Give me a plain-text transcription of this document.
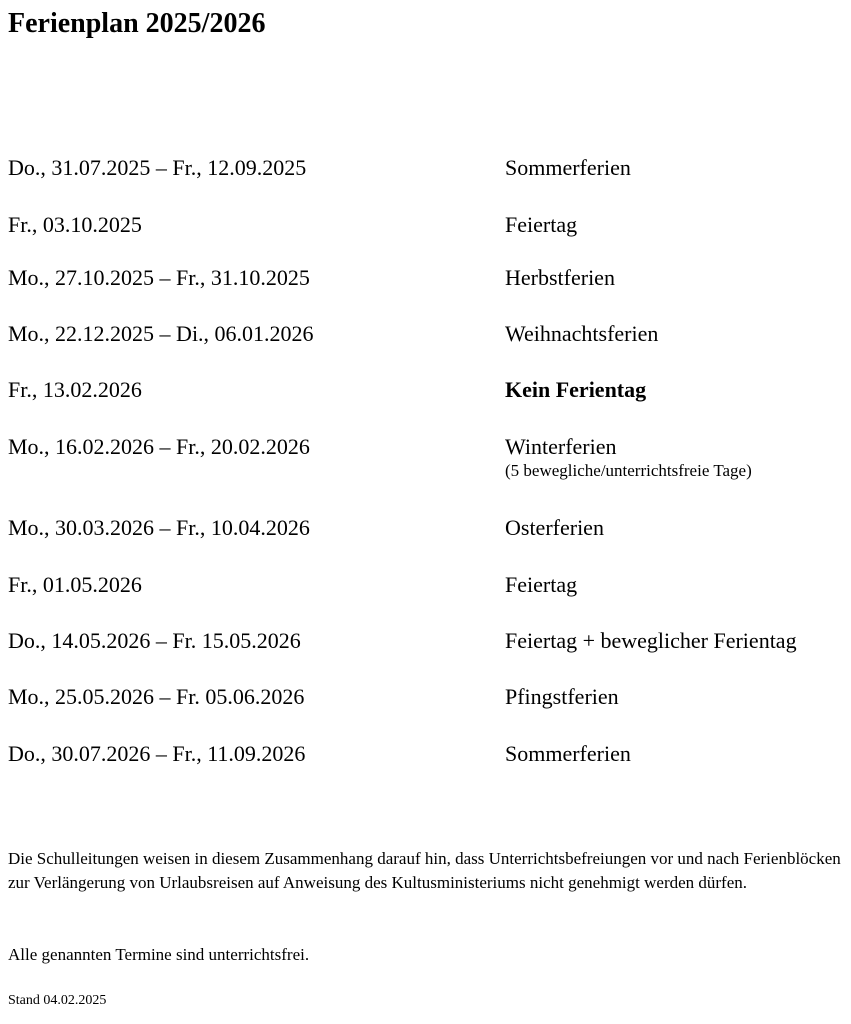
Ferienplan 2025/2026
Do., 31.07.2025 – Fr., 12.09.2025	Sommerferien
Fr., 03.10.2025	Feiertag
Mo., 27.10.2025 – Fr., 31.10.2025	Herbstferien
Mo., 22.12.2025 – Di., 06.01.2026	Weihnachtsferien
Fr., 13.02.2026	Kein Ferientag
Mo., 16.02.2026 – Fr., 20.02.2026	Winterferien
(5 bewegliche/unterrichtsfreie Tage)
Mo., 30.03.2026 – Fr., 10.04.2026	Osterferien
Fr., 01.05.2026	Feiertag
Do., 14.05.2026 – Fr. 15.05.2026	Feiertag + beweglicher Ferientag
Mo., 25.05.2026 – Fr. 05.06.2026	Pfingstferien
Do., 30.07.2026 – Fr., 11.09.2026	Sommerferien

Die Schulleitungen weisen in diesem Zusammenhang darauf hin, dass Unterrichtsbefreiungen vor und nach Ferienblöcken zur Verlängerung von Urlaubsreisen auf Anweisung des Kultusministeriums nicht genehmigt werden dürfen.

Alle genannten Termine sind unterrichtsfrei.

Stand 04.02.2025
